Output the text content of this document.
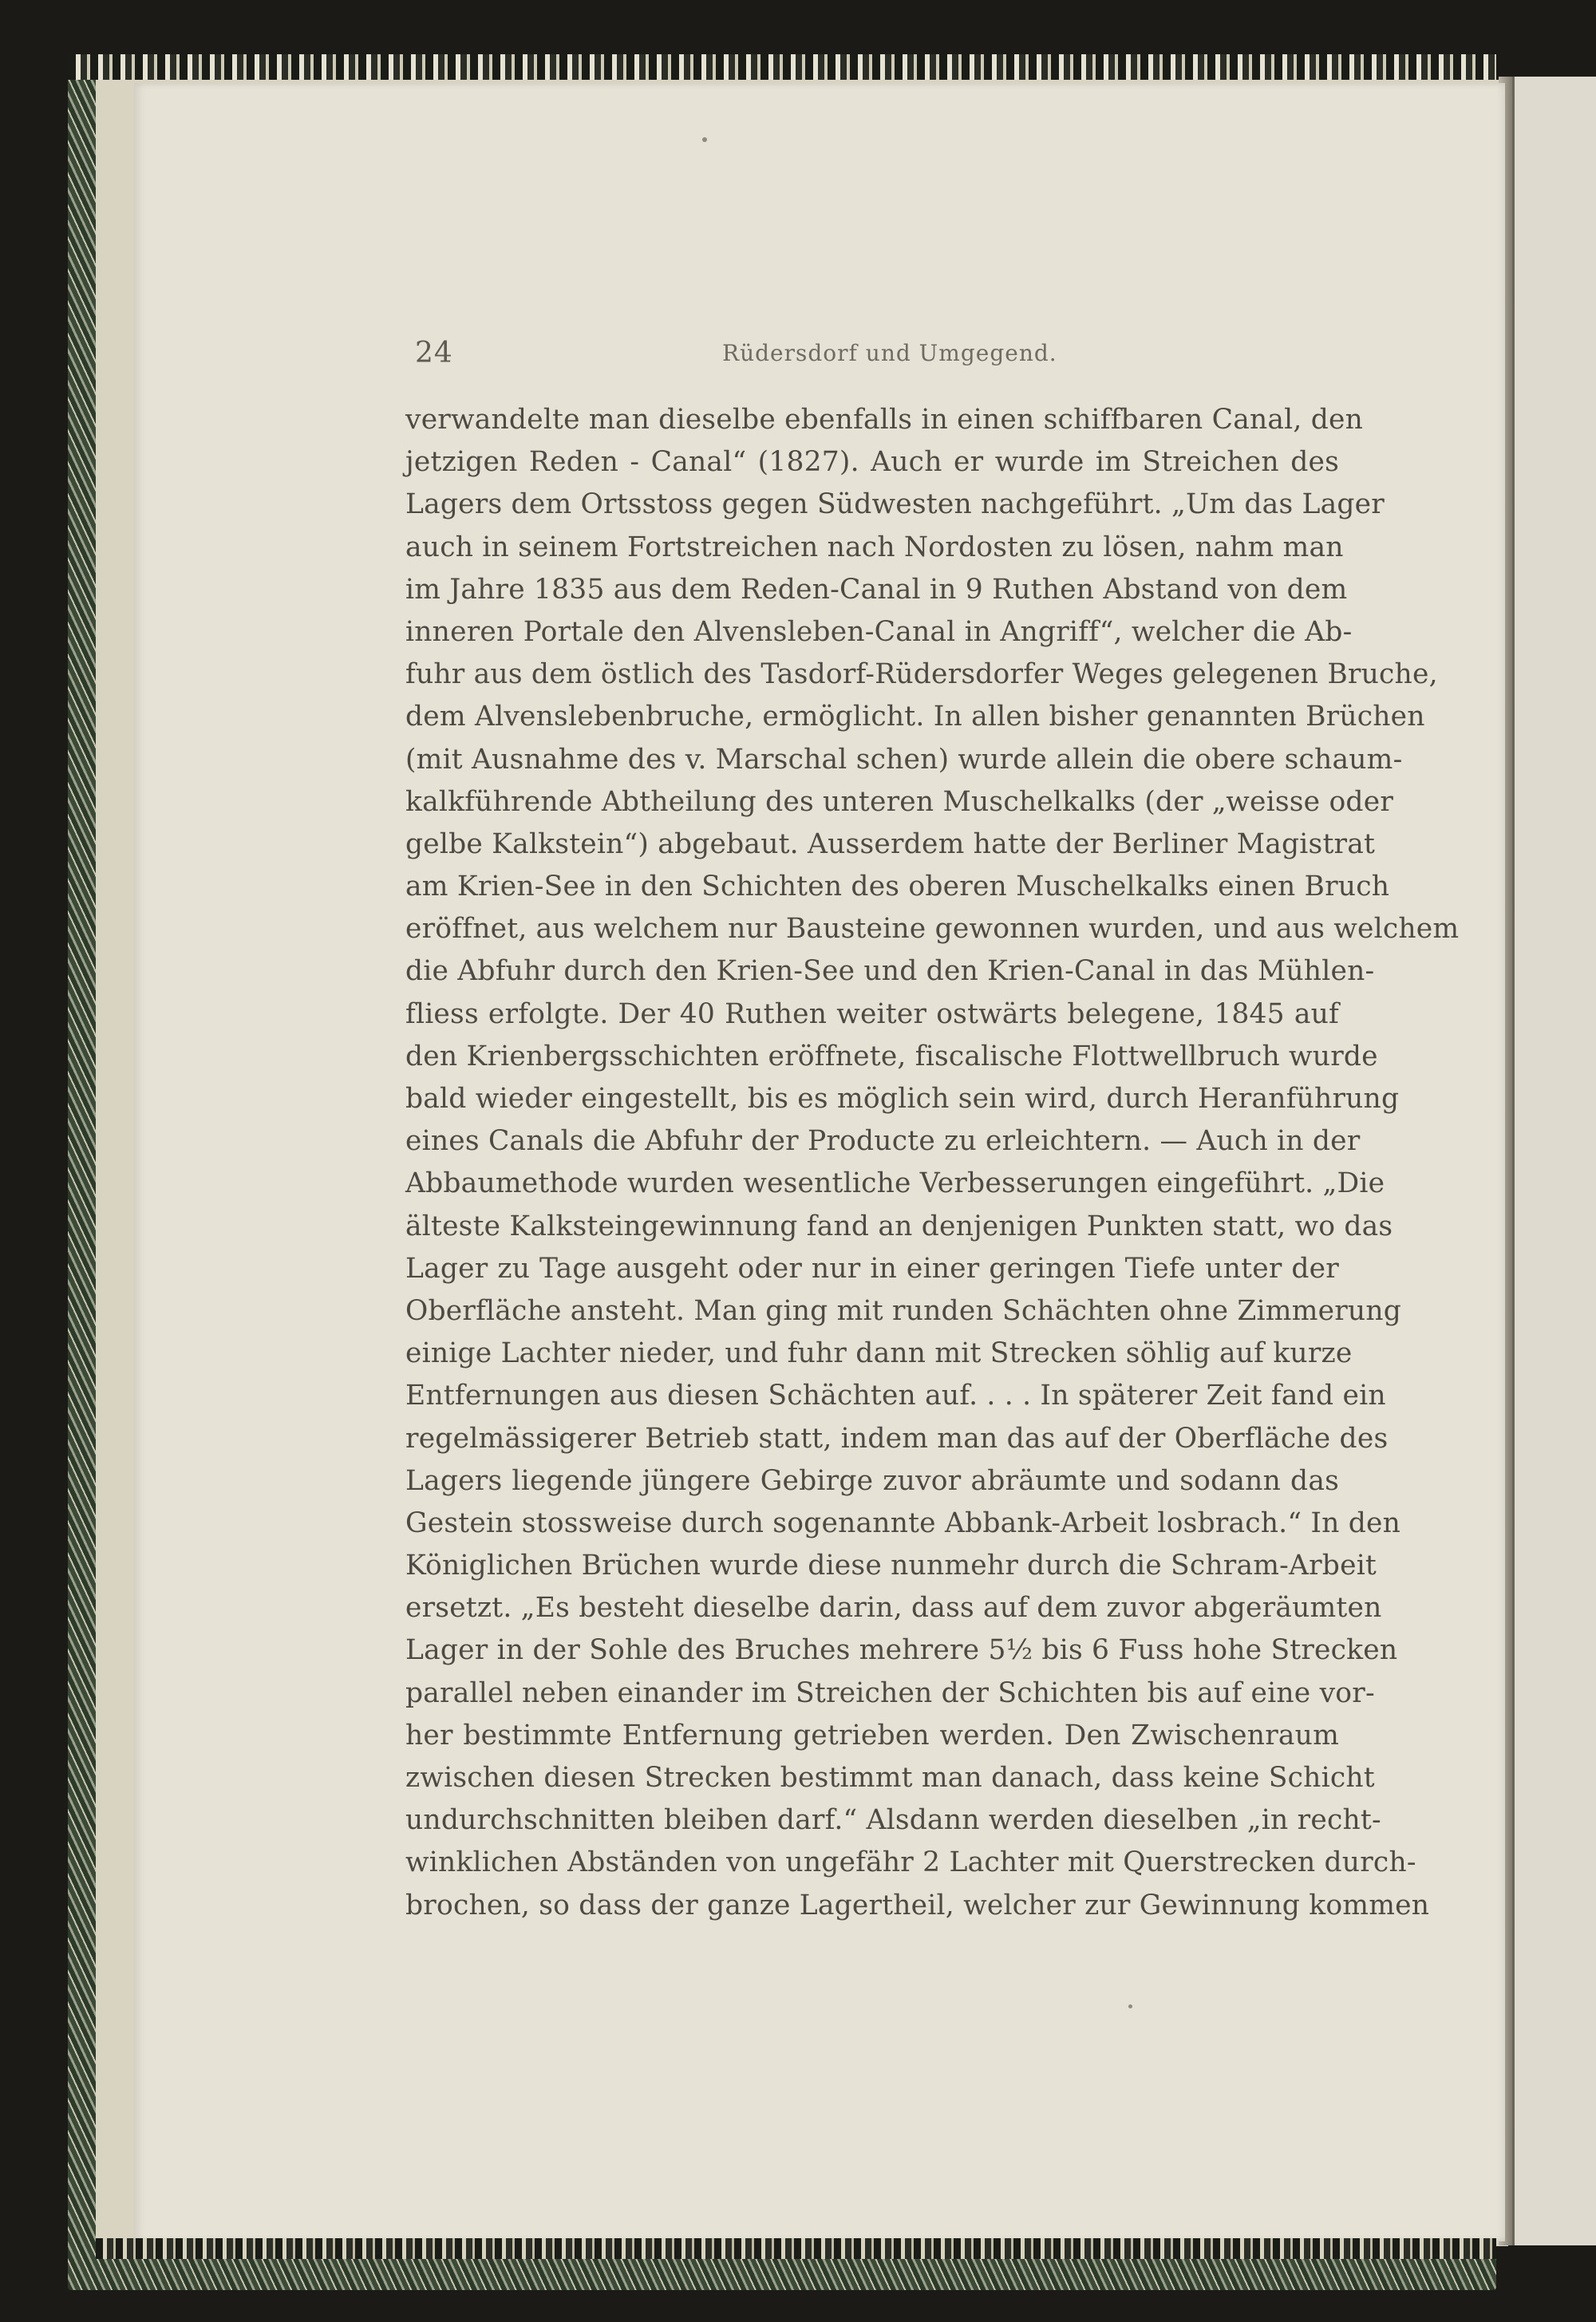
24	Rüdersdorf und Umgegend.
verwandelte man dieselbe ebenfalls in einen schiffbaren Canal, den
jetzigen Reden - Canal“ (1827). Auch er wurde im Streichen des
Lagers dem Ortsstoss gegen Südwesten nachgeführt. „Um das Lager
auch in seinem Fortstreichen nach Nordosten zu lösen, nahm man
im Jahre 1835 aus dem Reden-Canal in 9 Ruthen Abstand von dem
inneren Portale den Alvensleben-Canal in Angriff“, welcher die Ab-
fuhr aus dem östlich des Tasdorf-Rüdersdorfer Weges gelegenen Bruche,
dem Alvenslebenbruche, ermöglicht. In allen bisher genannten Brüchen
(mit Ausnahme des v. Marschal schen) wurde allein die obere schaum-
kalkführende Abtheilung des unteren Muschelkalks (der „weisse oder
gelbe Kalkstein“) abgebaut. Ausserdem hatte der Berliner Magistrat
am Krien-See in den Schichten des oberen Muschelkalks einen Bruch
eröffnet, aus welchem nur Bausteine gewonnen wurden, und aus welchem
die Abfuhr durch den Krien-See und den Krien-Canal in das Mühlen-
fliess erfolgte. Der 40 Ruthen weiter ostwärts belegene, 1845 auf
den Krienbergsschichten eröffnete, fiscalische Flottwellbruch wurde
bald wieder eingestellt, bis es möglich sein wird, durch Heranführung
eines Canals die Abfuhr der Producte zu erleichtern. — Auch in der
Abbaumethode wurden wesentliche Verbesserungen eingeführt. „Die
älteste Kalksteingewinnung fand an denjenigen Punkten statt, wo das
Lager zu Tage ausgeht oder nur in einer geringen Tiefe unter der
Oberfläche ansteht. Man ging mit runden Schächten ohne Zimmerung
einige Lachter nieder, und fuhr dann mit Strecken söhlig auf kurze
Entfernungen aus diesen Schächten auf. . . . In späterer Zeit fand ein
regelmässigerer Betrieb statt, indem man das auf der Oberfläche des
Lagers liegende jüngere Gebirge zuvor abräumte und sodann das
Gestein stossweise durch sogenannte Abbank-Arbeit losbrach.“ In den
Königlichen Brüchen wurde diese nunmehr durch die Schram-Arbeit
ersetzt. „Es besteht dieselbe darin, dass auf dem zuvor abgeräumten
Lager in der Sohle des Bruches mehrere 5½ bis 6 Fuss hohe Strecken
parallel neben einander im Streichen der Schichten bis auf eine vor-
her bestimmte Entfernung getrieben werden. Den Zwischenraum
zwischen diesen Strecken bestimmt man danach, dass keine Schicht
undurchschnitten bleiben darf.“ Alsdann werden dieselben „in recht-
winklichen Abständen von ungefähr 2 Lachter mit Querstrecken durch-
brochen, so dass der ganze Lagertheil, welcher zur Gewinnung kommen
